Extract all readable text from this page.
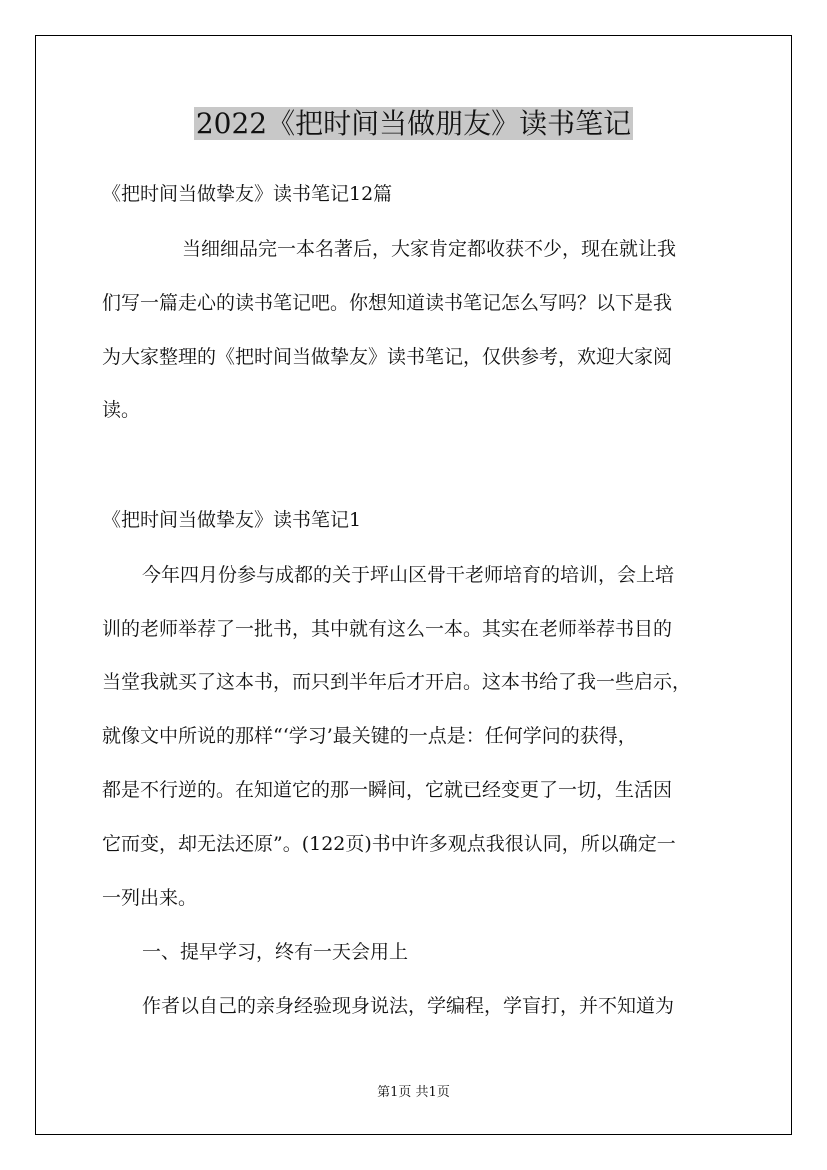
2022《把时间当做朋友》读书笔记

《把时间当做挚友》读书笔记12篇

当细细品完一本名著后，大家肯定都收获不少，现在就让我

们写一篇走心的读书笔记吧。你想知道读书笔记怎么写吗？以下是我

为大家整理的《把时间当做挚友》读书笔记，仅供参考，欢迎大家阅

读。

《把时间当做挚友》读书笔记1

今年四月份参与成都的关于坪山区骨干老师培育的培训，会上培

训的老师举荐了一批书，其中就有这么一本。其实在老师举荐书目的

当堂我就买了这本书，而只到半年后才开启。这本书给了我一些启示，

就像文中所说的那样“‘学习’最关键的一点是：任何学问的获得，

都是不行逆的。在知道它的那一瞬间，它就已经变更了一切，生活因

它而变，却无法还原”。(122页)书中许多观点我很认同，所以确定一

一列出来。

一、提早学习，终有一天会用上

作者以自己的亲身经验现身说法，学编程，学盲打，并不知道为

第1页 共1页
